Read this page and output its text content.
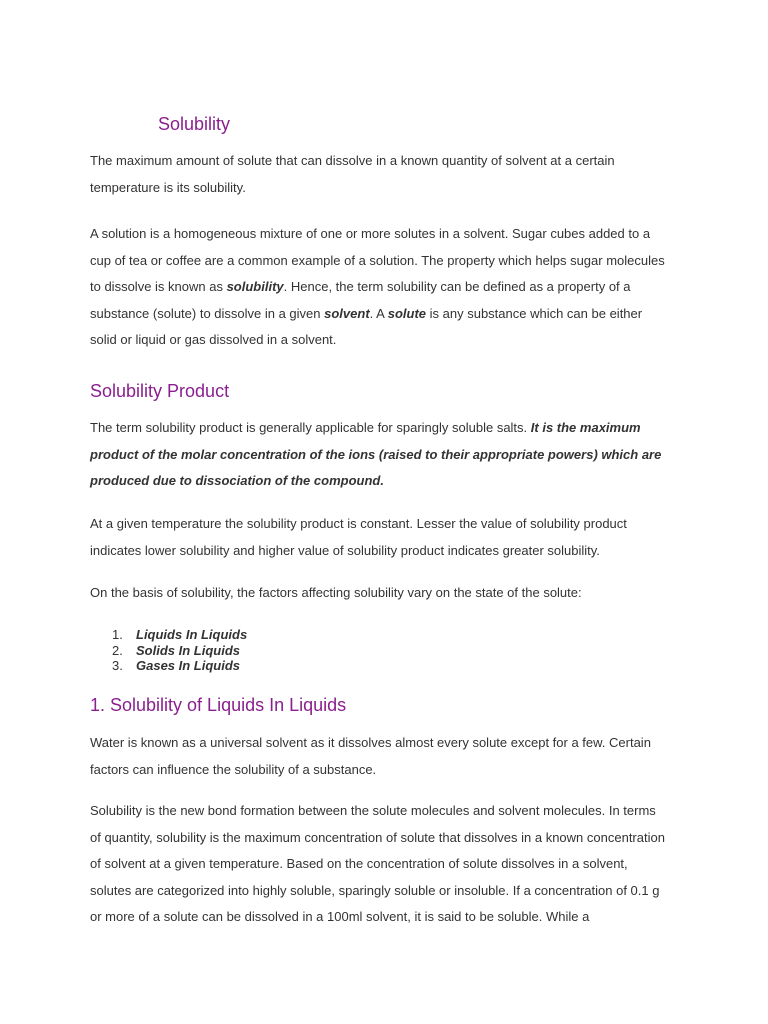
Solubility

The maximum amount of solute that can dissolve in a known quantity of solvent at a certain
temperature is its solubility.

A solution is a homogeneous mixture of one or more solutes in a solvent. Sugar cubes added to a
cup of tea or coffee are a common example of a solution. The property which helps sugar molecules
to dissolve is known as solubility. Hence, the term solubility can be defined as a property of a
substance (solute) to dissolve in a given solvent. A solute is any substance which can be either
solid or liquid or gas dissolved in a solvent.

Solubility Product

The term solubility product is generally applicable for sparingly soluble salts. It is the maximum
product of the molar concentration of the ions (raised to their appropriate powers) which are
produced due to dissociation of the compound.

At a given temperature the solubility product is constant. Lesser the value of solubility product
indicates lower solubility and higher value of solubility product indicates greater solubility.

On the basis of solubility, the factors affecting solubility vary on the state of the solute:

1. Liquids In Liquids
2. Solids In Liquids
3. Gases In Liquids
1. Solubility of Liquids In Liquids

Water is known as a universal solvent as it dissolves almost every solute except for a few. Certain
factors can influence the solubility of a substance.

Solubility is the new bond formation between the solute molecules and solvent molecules. In terms
of quantity, solubility is the maximum concentration of solute that dissolves in a known concentration
of solvent at a given temperature. Based on the concentration of solute dissolves in a solvent,
solutes are categorized into highly soluble, sparingly soluble or insoluble. If a concentration of 0.1 g
or more of a solute can be dissolved in a 100ml solvent, it is said to be soluble. While a
